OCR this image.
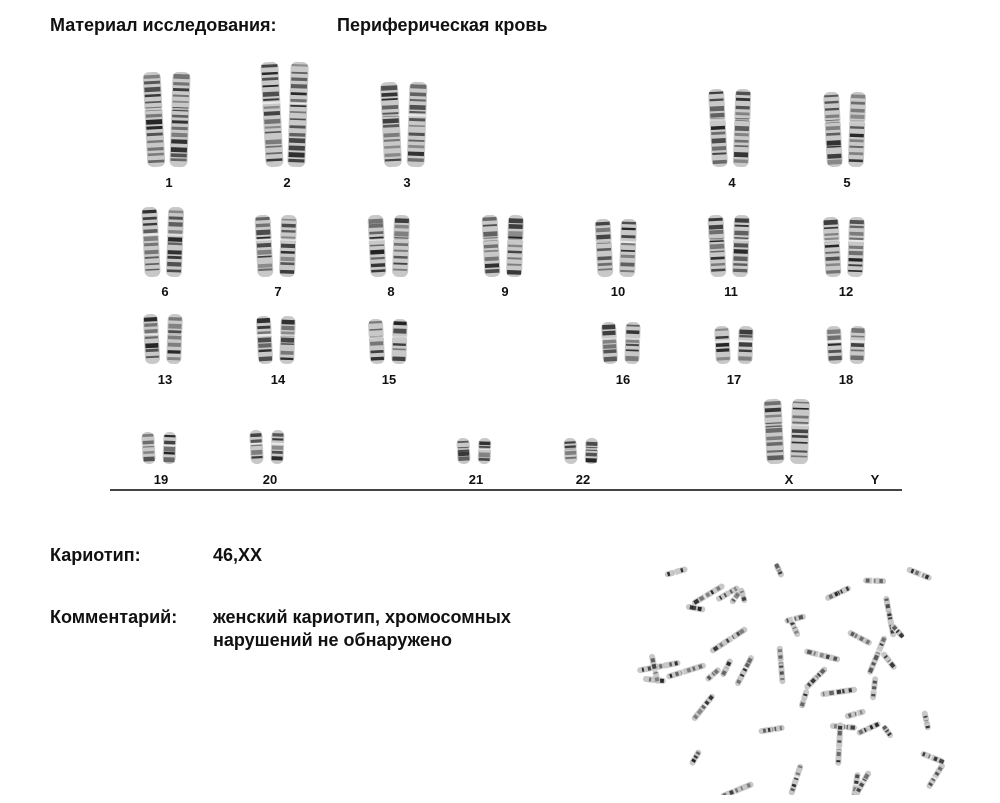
Материал исследования:	Периферическая кровь
1	2	3	4	5
6	7	8	9	10	11	12
13	14	15	16	17	18
19	20	21	22	X	Y
Кариотип:	46,XX
Комментарий: женский кариотип, хромосомных
нарушений не обнаружено
